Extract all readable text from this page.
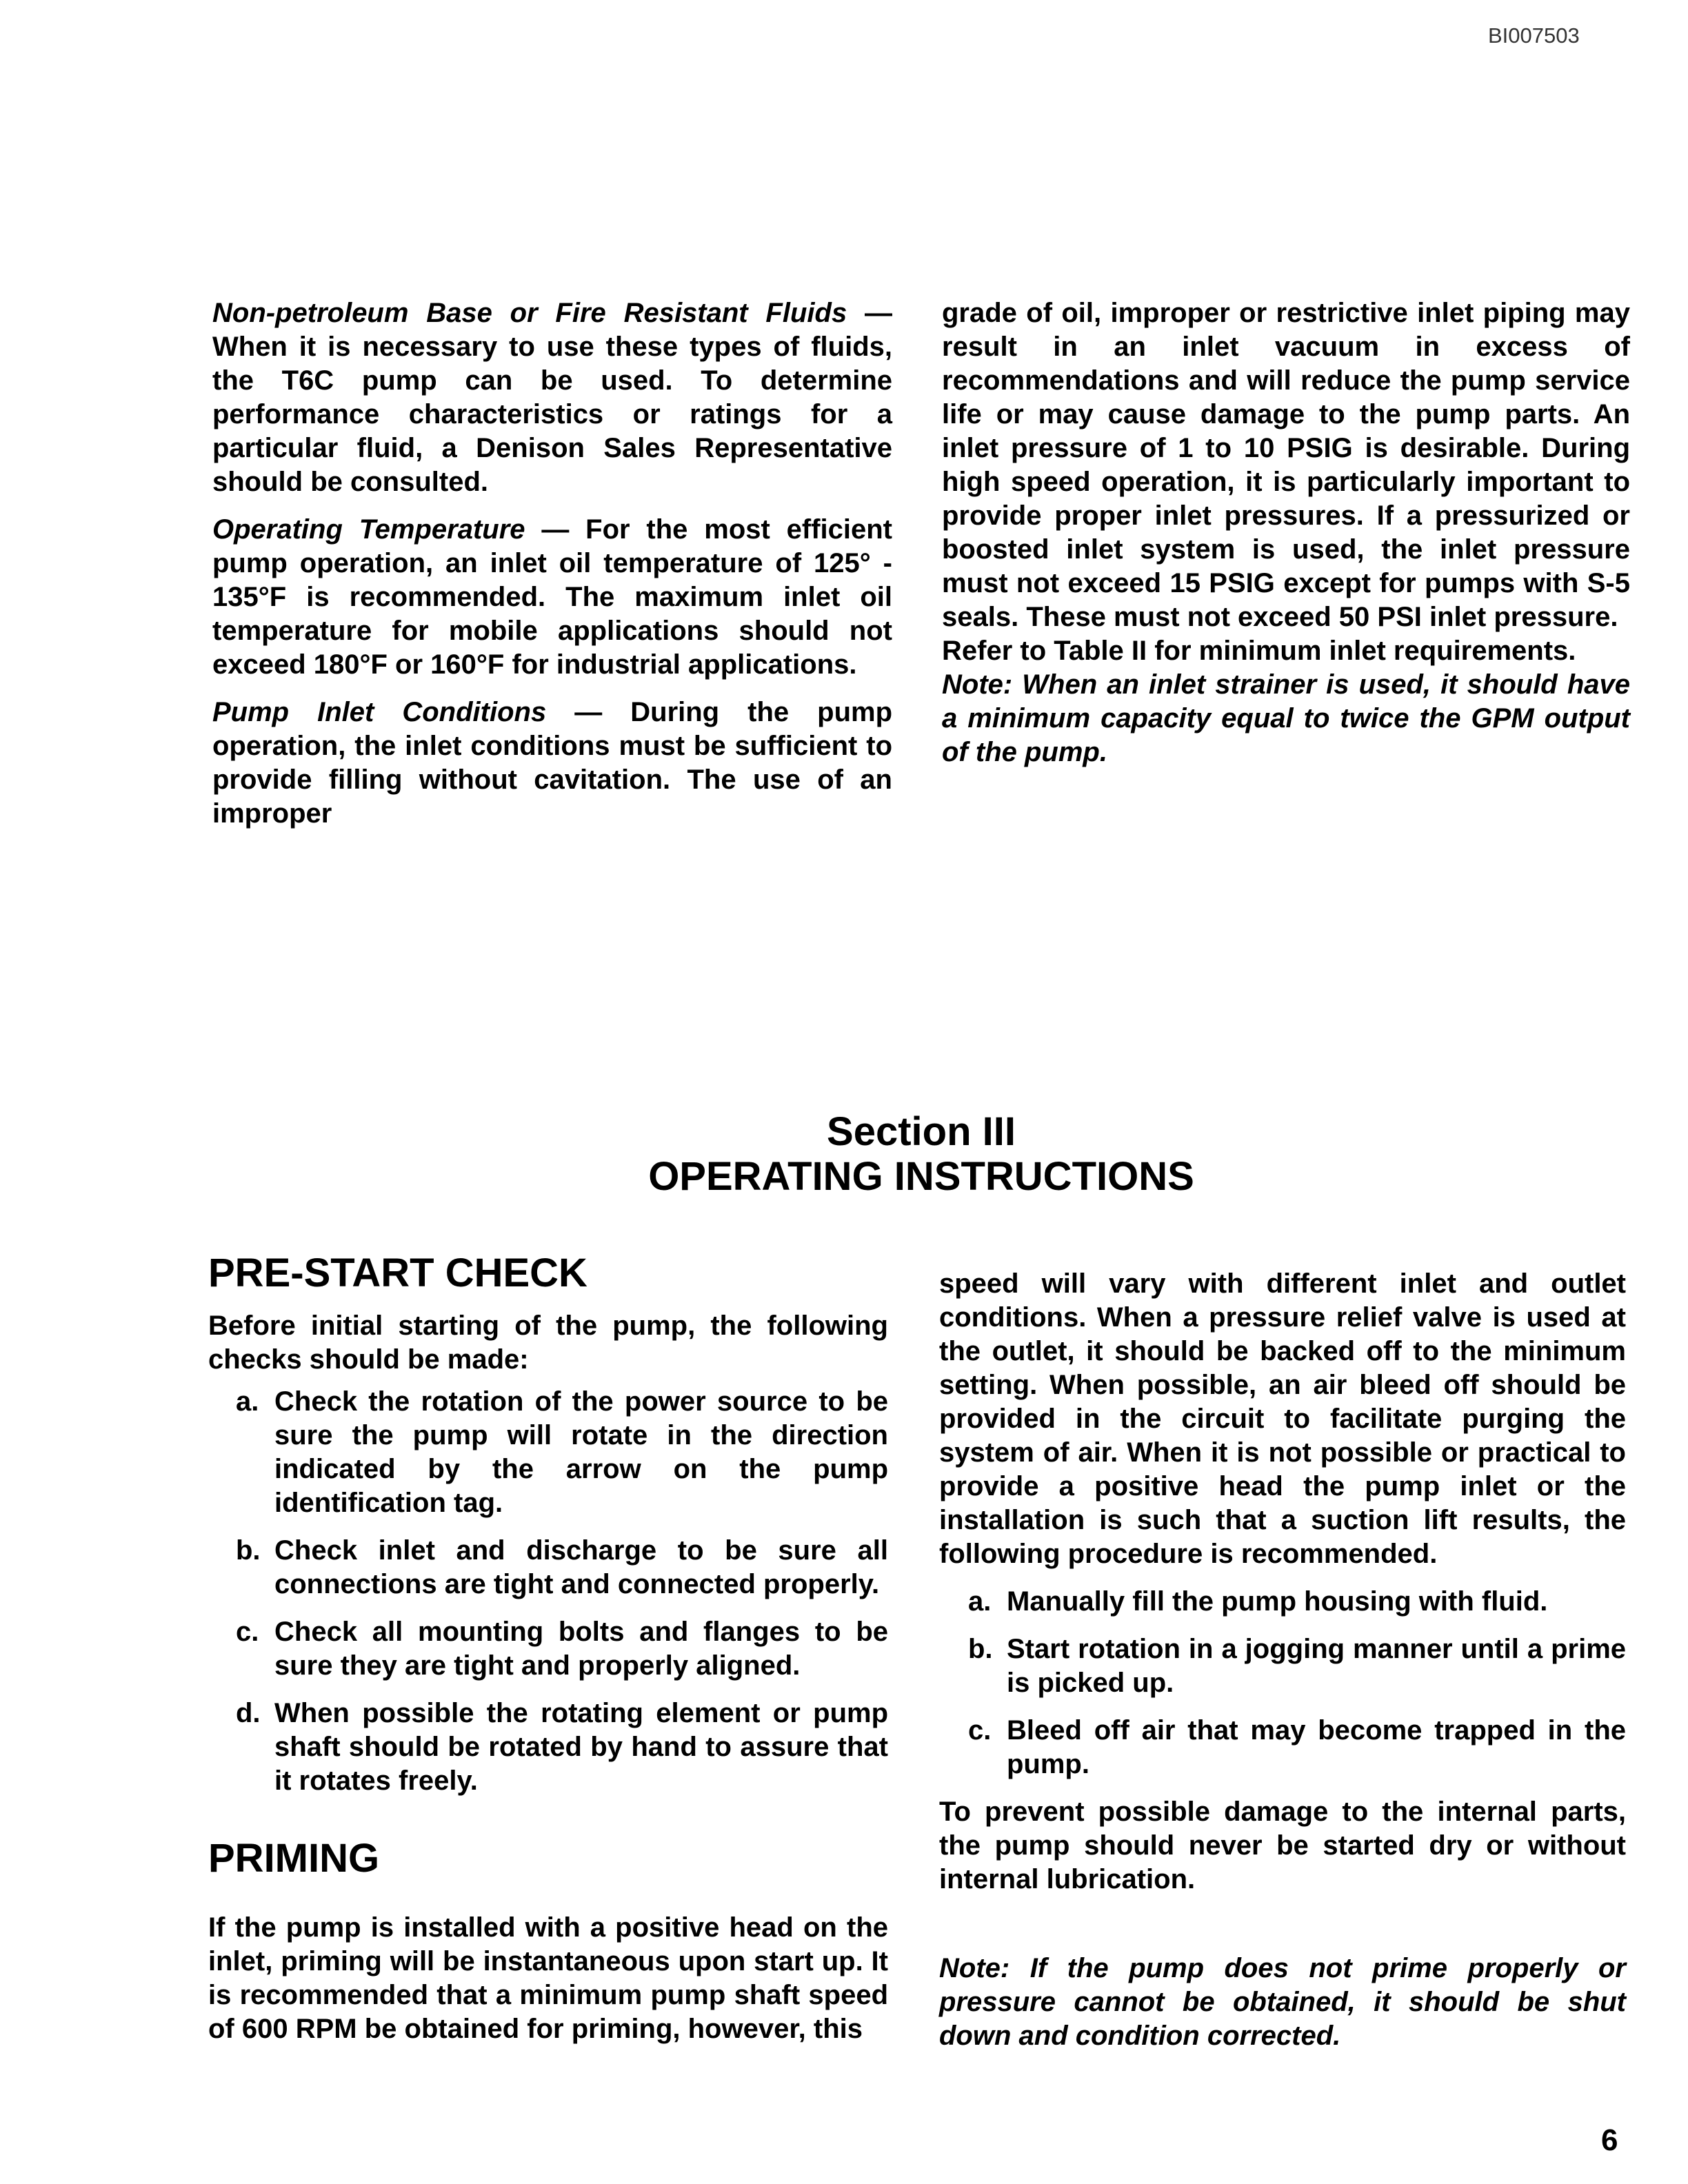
BI007503

Non-petroleum Base or Fire Resistant Fluids — When it is necessary to use these types of fluids, the T6C pump can be used. To determine performance characteristics or ratings for a particular fluid, a Denison Sales Representative should be consulted.

Operating Temperature — For the most efficient pump operation, an inlet oil temperature of 125° - 135°F is recommended. The maximum inlet oil temperature for mobile applications should not exceed 180°F or 160°F for industrial applications.

Pump Inlet Conditions — During the pump operation, the inlet conditions must be sufficient to provide filling without cavitation. The use of an improper

grade of oil, improper or restrictive inlet piping may result in an inlet vacuum in excess of recommendations and will reduce the pump service life or may cause damage to the pump parts. An inlet pressure of 1 to 10 PSIG is desirable. During high speed operation, it is particularly important to provide proper inlet pressures. If a pressurized or boosted inlet system is used, the inlet pressure must not exceed 15 PSIG except for pumps with S-5 seals. These must not exceed 50 PSI inlet pressure.

Refer to Table II for minimum inlet requirements.

Note: When an inlet strainer is used, it should have a minimum capacity equal to twice the GPM output of the pump.

Section III
OPERATING INSTRUCTIONS
PRE-START CHECK

Before initial starting of the pump, the following checks should be made:

a. Check the rotation of the power source to be sure the pump will rotate in the direction indicated by the arrow on the pump identification tag.
b. Check inlet and discharge to be sure all connections are tight and connected properly.
c. Check all mounting bolts and flanges to be sure they are tight and properly aligned.
d. When possible the rotating element or pump shaft should be rotated by hand to assure that it rotates freely.
PRIMING

If the pump is installed with a positive head on the inlet, priming will be instantaneous upon start up. It is recommended that a minimum pump shaft speed of 600 RPM be obtained for priming, however, this

speed will vary with different inlet and outlet conditions. When a pressure relief valve is used at the outlet, it should be backed off to the minimum setting. When possible, an air bleed off should be provided in the circuit to facilitate purging the system of air. When it is not possible or practical to provide a positive head the pump inlet or the installation is such that a suction lift results, the following procedure is recommended.

a. Manually fill the pump housing with fluid.
b. Start rotation in a jogging manner until a prime is picked up.
c. Bleed off air that may become trapped in the pump.

To prevent possible damage to the internal parts, the pump should never be started dry or without internal lubrication.

Note: If the pump does not prime properly or pressure cannot be obtained, it should be shut down and condition corrected.

6
